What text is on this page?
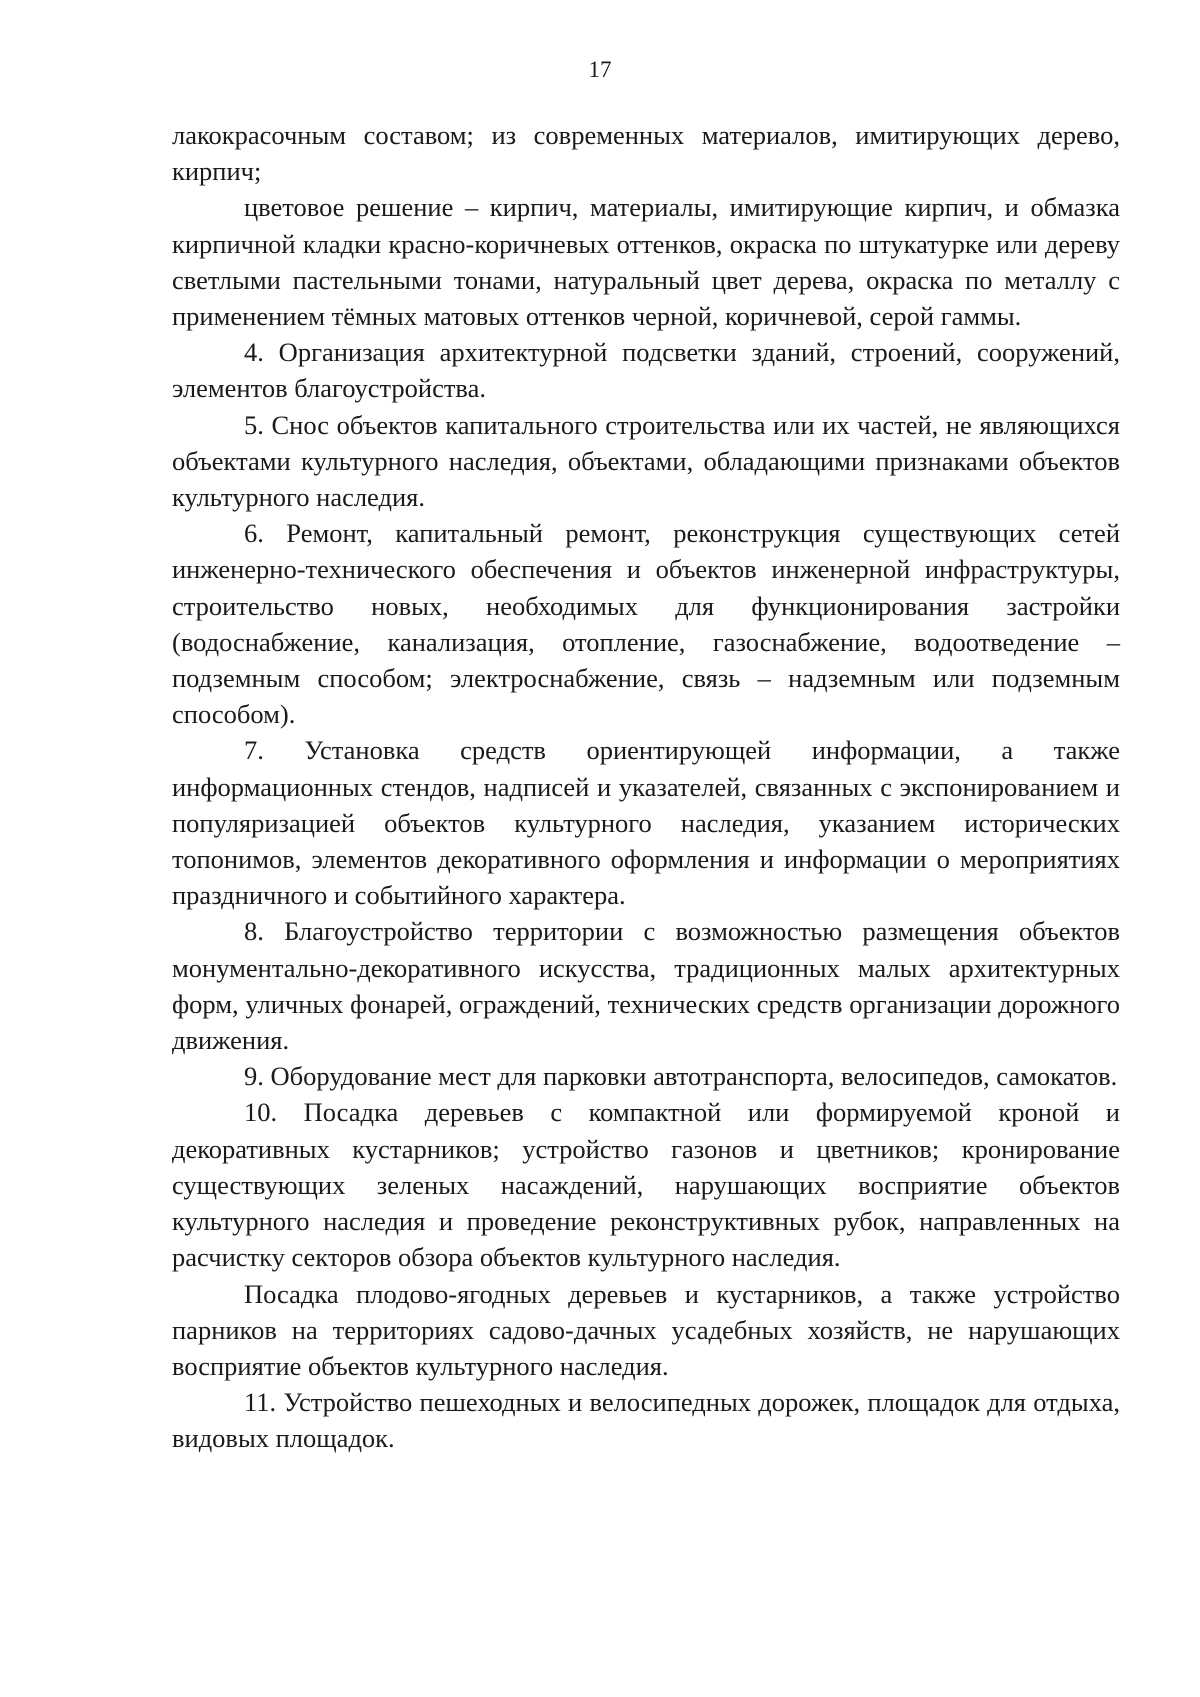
17

лакокрасочным составом; из современных материалов, имитирующих дерево, кирпич;

цветовое решение – кирпич, материалы, имитирующие кирпич, и обмазка кирпичной кладки красно-коричневых оттенков, окраска по штукатурке или дереву светлыми пастельными тонами, натуральный цвет дерева, окраска по металлу с применением тёмных матовых оттенков черной, коричневой, серой гаммы.

4. Организация архитектурной подсветки зданий, строений, сооружений, элементов благоустройства.

5. Снос объектов капитального строительства или их частей, не являющихся объектами культурного наследия, объектами, обладающими признаками объектов культурного наследия.

6. Ремонт, капитальный ремонт, реконструкция существующих сетей инженерно-технического обеспечения и объектов инженерной инфраструктуры, строительство новых, необходимых для функционирования застройки (водоснабжение, канализация, отопление, газоснабжение, водоотведение – подземным способом; электроснабжение, связь – надземным или подземным способом).

7. Установка средств ориентирующей информации, а также информационных стендов, надписей и указателей, связанных с экспонированием и популяризацией объектов культурного наследия, указанием исторических топонимов, элементов декоративного оформления и информации о мероприятиях праздничного и событийного характера.

8. Благоустройство территории с возможностью размещения объектов монументально-декоративного искусства, традиционных малых архитектурных форм, уличных фонарей, ограждений, технических средств организации дорожного движения.

9. Оборудование мест для парковки автотранспорта, велосипедов, самокатов.

10. Посадка деревьев с компактной или формируемой кроной и декоративных кустарников; устройство газонов и цветников; кронирование существующих зеленых насаждений, нарушающих восприятие объектов культурного наследия и проведение реконструктивных рубок, направленных на расчистку секторов обзора объектов культурного наследия.

Посадка плодово-ягодных деревьев и кустарников, а также устройство парников на территориях садово-дачных усадебных хозяйств, не нарушающих восприятие объектов культурного наследия.

11. Устройство пешеходных и велосипедных дорожек, площадок для отдыха, видовых площадок.
